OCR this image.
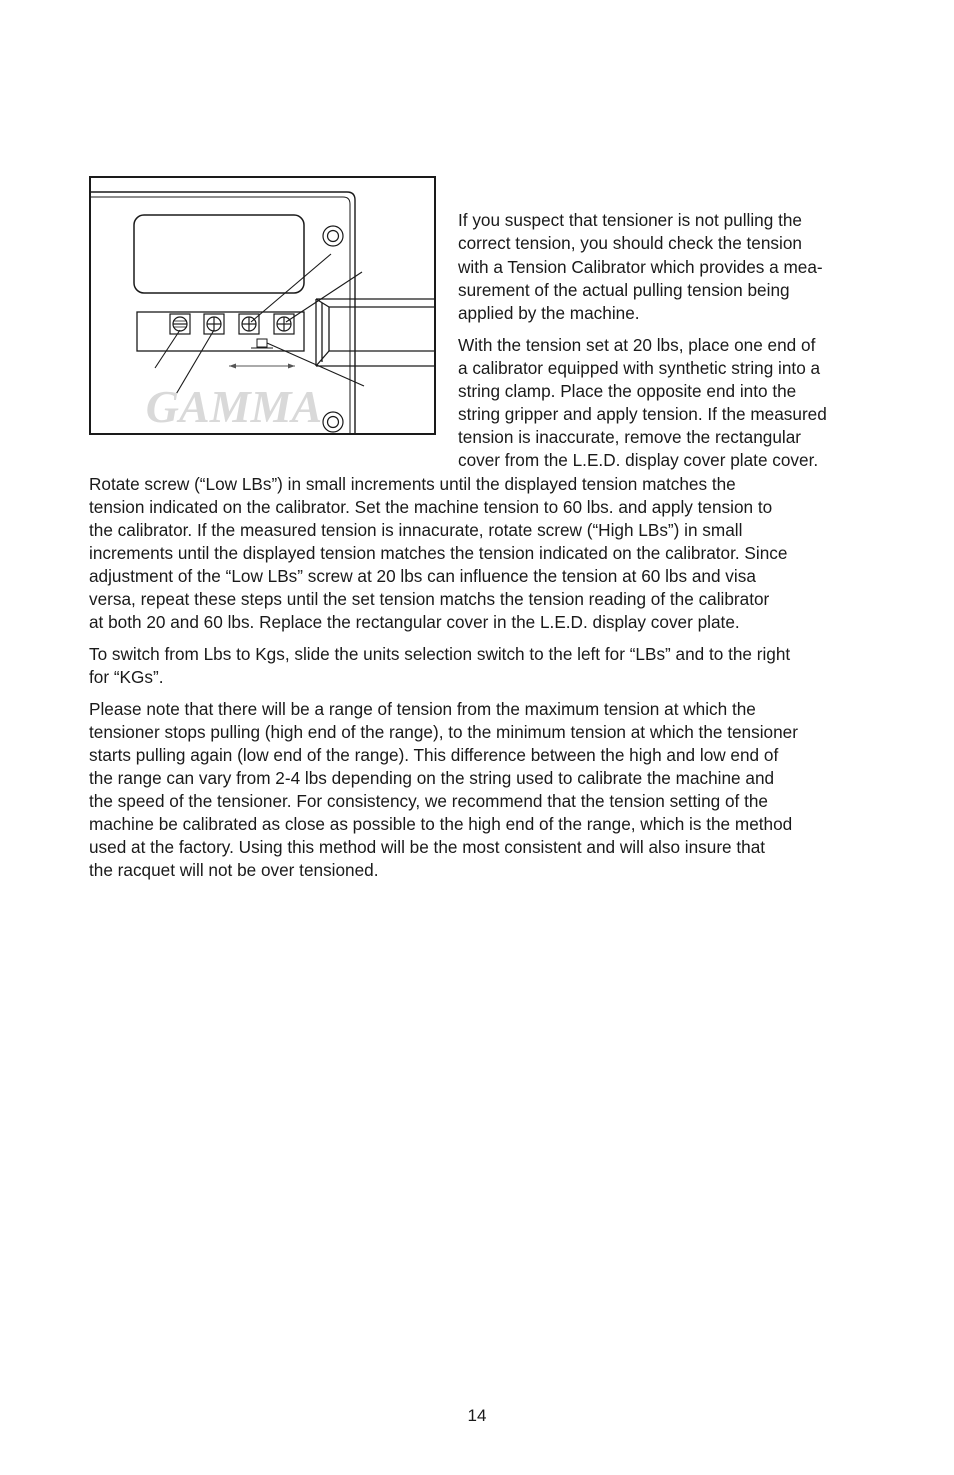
GAMMA

If you suspect that tensioner is not pulling the

correct tension, you should check the tension

with a Tension Calibrator which provides a mea-

surement of the actual pulling tension being

applied by the machine.

With the tension set at 20 lbs, place one end of

a calibrator equipped with synthetic string into a

string clamp. Place the opposite end into the

string gripper and apply tension. If the measured

tension is inaccurate, remove the rectangular

cover from the L.E.D. display cover plate cover.

Rotate screw (“Low LBs”) in small increments until the displayed tension matches the

tension indicated on the calibrator. Set the machine tension to 60 lbs. and apply tension to

the calibrator. If the measured tension is innacurate, rotate screw (“High LBs”) in small

increments until the displayed tension matches the tension indicated on the calibrator. Since

adjustment of the “Low LBs” screw at 20 lbs can influence the tension at 60 lbs and visa

versa, repeat these steps until the set tension matchs the tension reading of the calibrator

at both 20 and 60 lbs. Replace the rectangular cover in the L.E.D. display cover plate.

To switch from Lbs to Kgs, slide the units selection switch to the left for “LBs” and to the right

for “KGs”.

Please note that there will be a range of tension from the maximum tension at which the

tensioner stops pulling (high end of the range), to the minimum tension at which the tensioner

starts pulling again (low end of the range). This difference between the high and low end of

the range can vary from 2-4 lbs depending on the string used to calibrate the machine and

the speed of the tensioner. For consistency, we recommend that the tension setting of the

machine be calibrated as close as possible to the high end of the range, which is the method

used at the factory. Using this method will be the most consistent and will also insure that

the racquet will not be over tensioned.

14
